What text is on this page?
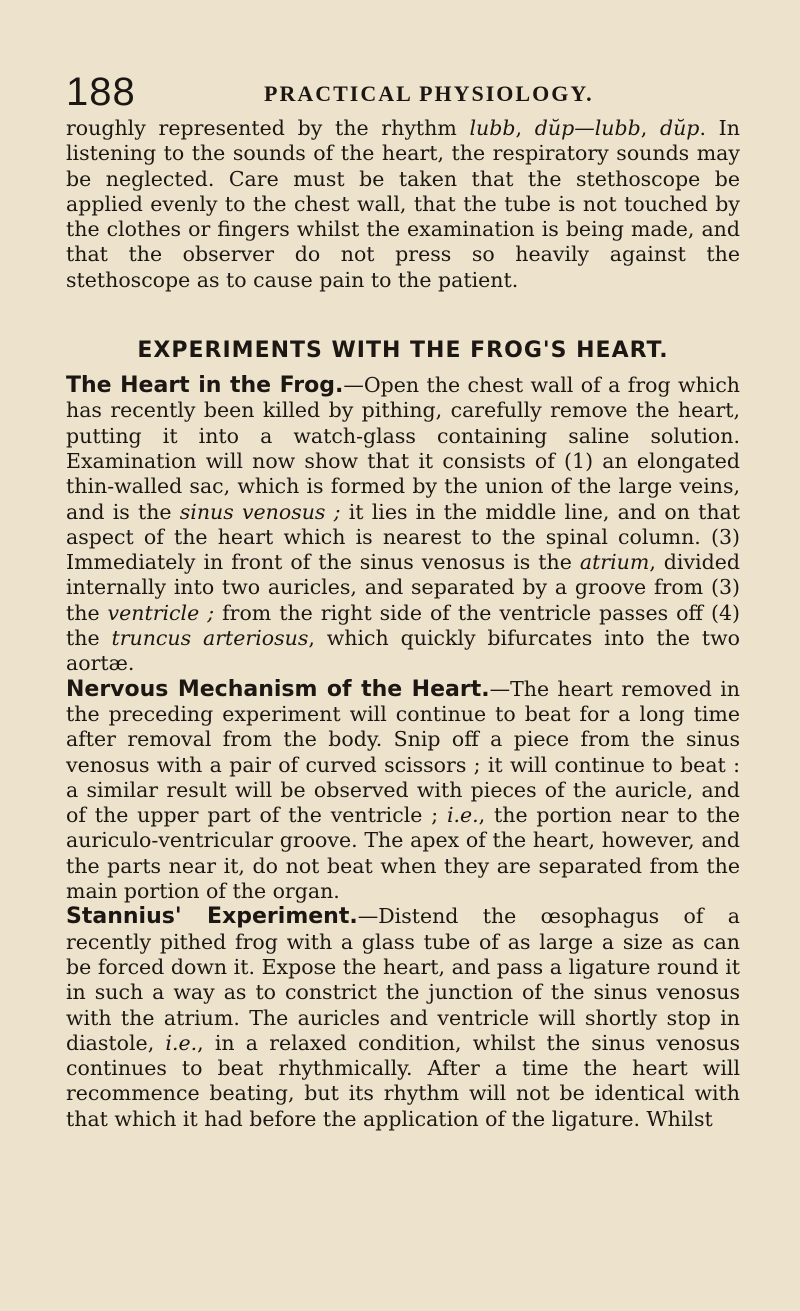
188	PRACTICAL PHYSIOLOGY.

roughly represented by the rhythm lubb, dŭp—lubb, dŭp. In listening to the sounds of the heart, the respiratory sounds may be neglected. Care must be taken that the stethoscope be applied evenly to the chest wall, that the tube is not touched by the clothes or fingers whilst the examination is being made, and that the observer do not press so heavily against the stethoscope as to cause pain to the patient.

EXPERIMENTS WITH THE FROG'S HEART.

The Heart in the Frog.—Open the chest wall of a frog which has recently been killed by pithing, carefully remove the heart, putting it into a watch-glass containing saline solution. Examination will now show that it consists of (1) an elongated thin-walled sac, which is formed by the union of the large veins, and is the sinus venosus ; it lies in the middle line, and on that aspect of the heart which is nearest to the spinal column. (3) Immediately in front of the sinus venosus is the atrium, divided internally into two auricles, and separated by a groove from (3) the ventricle ; from the right side of the ventricle passes off (4) the truncus arteriosus, which quickly bifurcates into the two aortæ.

Nervous Mechanism of the Heart.—The heart removed in the preceding experiment will continue to beat for a long time after removal from the body. Snip off a piece from the sinus venosus with a pair of curved scissors ; it will continue to beat : a similar result will be observed with pieces of the auricle, and of the upper part of the ventricle ; i.e., the portion near to the auriculo-ventricular groove. The apex of the heart, however, and the parts near it, do not beat when they are separated from the main portion of the organ.

Stannius' Experiment.—Distend the œsophagus of a recently pithed frog with a glass tube of as large a size as can be forced down it. Expose the heart, and pass a ligature round it in such a way as to constrict the junction of the sinus venosus with the atrium. The auricles and ventricle will shortly stop in diastole, i.e., in a relaxed condition, whilst the sinus venosus continues to beat rhythmically. After a time the heart will recommence beating, but its rhythm will not be identical with that which it had before the application of the ligature. Whilst
